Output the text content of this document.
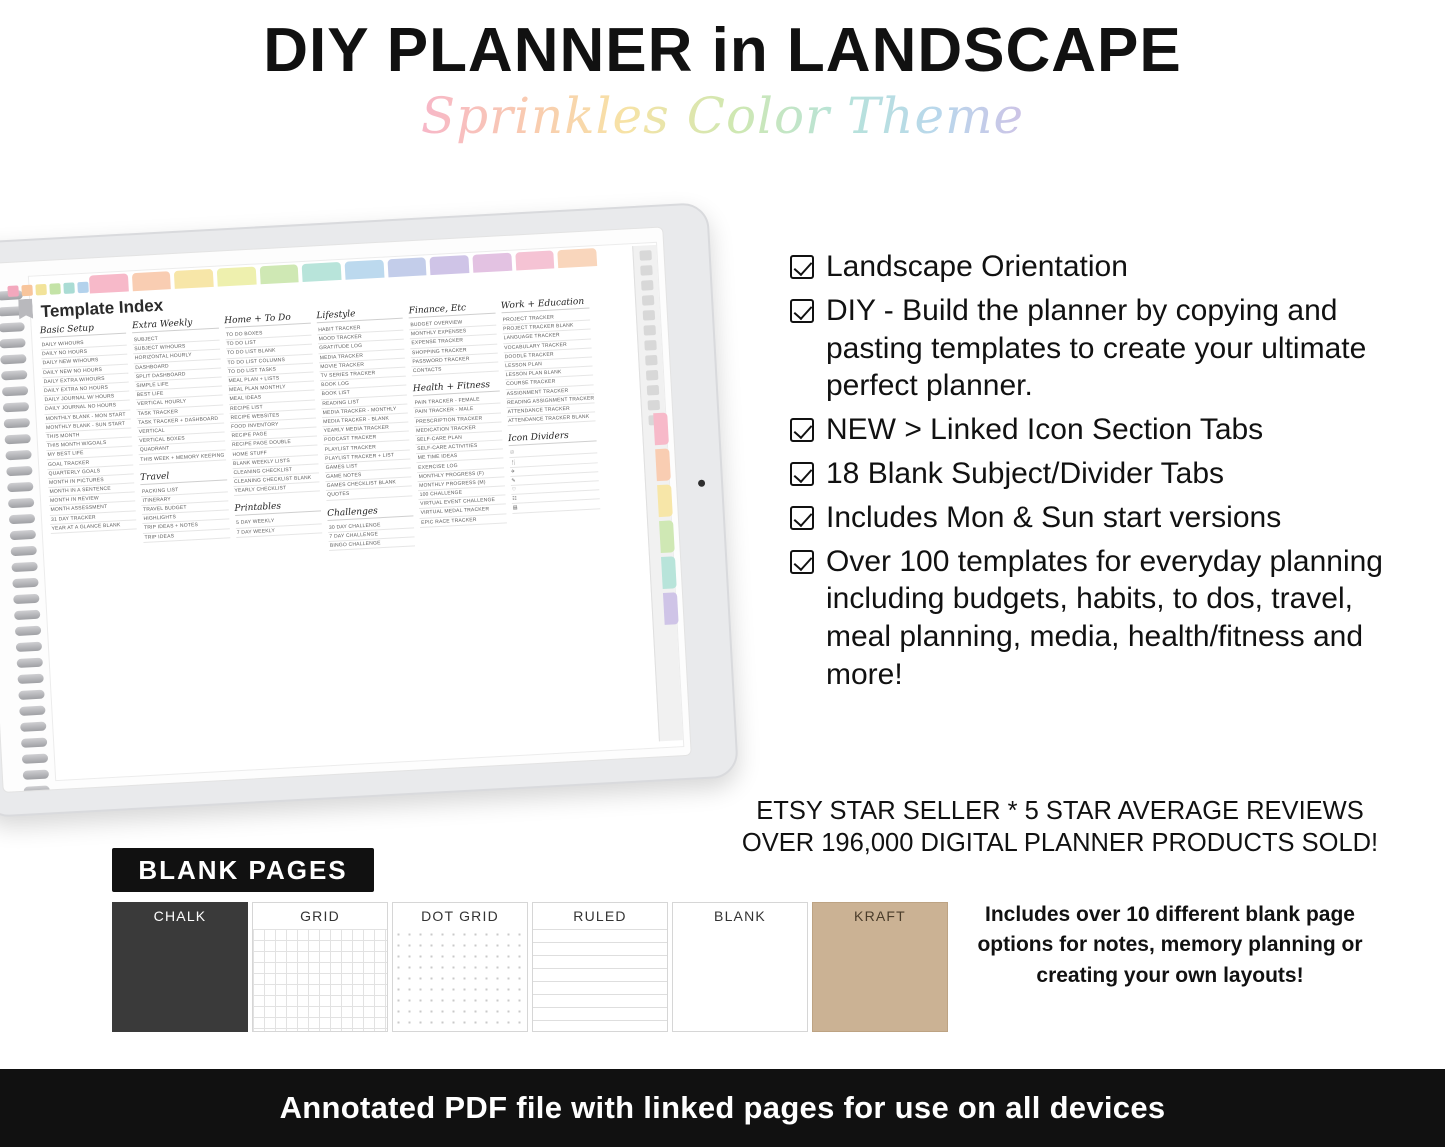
DIY PLANNER in LANDSCAPE
Sprinkles Color Theme
Template Index
Basic Setup
DAILY W/HOURS
DAILY NO HOURS
DAILY NEW W/HOURS
DAILY NEW NO HOURS
DAILY EXTRA W/HOURS
DAILY EXTRA NO HOURS
DAILY JOURNAL W/ HOURS
DAILY JOURNAL NO HOURS
MONTHLY BLANK - MON START
MONTHLY BLANK - SUN START
THIS MONTH
THIS MONTH W/GOALS
MY BEST LIFE
GOAL TRACKER
QUARTERLY GOALS
MONTH IN PICTURES
MONTH IN A SENTENCE
MONTH IN REVIEW
MONTH ASSESSMENT
31 DAY TRACKER
YEAR AT A GLANCE BLANK
Extra Weekly
SUBJECT
SUBJECT W/HOURS
HORIZONTAL HOURLY
DASHBOARD
SPLIT DASHBOARD
SIMPLE LIFE
BEST LIFE
VERTICAL HOURLY
TASK TRACKER
TASK TRACKER + DASHBOARD
VERTICAL
VERTICAL BOXES
QUADRANT
THIS WEEK + MEMORY KEEPING
Travel
PACKING LIST
ITINERARY
TRAVEL BUDGET
HIGHLIGHTS
TRIP IDEAS + NOTES
TRIP IDEAS
Home + To Do
TO DO BOXES
TO DO LIST
TO DO LIST BLANK
TO DO LIST COLUMNS
TO DO LIST TASKS
MEAL PLAN + LISTS
MEAL PLAN MONTHLY
MEAL IDEAS
RECIPE LIST
RECIPE WEBSITES
FOOD INVENTORY
RECIPE PAGE
RECIPE PAGE DOUBLE
HOME STUFF
BLANK WEEKLY LISTS
CLEANING CHECKLIST
CLEANING CHECKLIST BLANK
YEARLY CHECKLIST
Printables
5 DAY WEEKLY
7 DAY WEEKLY
Lifestyle
HABIT TRACKER
MOOD TRACKER
GRATITUDE LOG
MEDIA TRACKER
MOVIE TRACKER
TV SERIES TRACKER
BOOK LOG
BOOK LIST
READING LIST
MEDIA TRACKER - MONTHLY
MEDIA TRACKER - BLANK
YEARLY MEDIA TRACKER
PODCAST TRACKER
PLAYLIST TRACKER
PLAYLIST TRACKER + LIST
GAMES LIST
GAME NOTES
GAMES CHECKLIST BLANK
QUOTES
Challenges
30 DAY CHALLENGE
7 DAY CHALLENGE
BINGO CHALLENGE
Finance, Etc
BUDGET OVERVIEW
MONTHLY EXPENSES
EXPENSE TRACKER
SHOPPING TRACKER
PASSWORD TRACKER
CONTACTS
Health + Fitness
PAIN TRACKER - FEMALE
PAIN TRACKER - MALE
PRESCRIPTION TRACKER
MEDICATION TRACKER
SELF-CARE PLAN
SELF-CARE ACTIVITIES
ME TIME IDEAS
EXERCISE LOG
MONTHLY PROGRESS (F)
MONTHLY PROGRESS (M)
100 CHALLENGE
VIRTUAL EVENT CHALLENGE
VIRTUAL MEDAL TRACKER
EPIC RACE TRACKER
Work + Education
PROJECT TRACKER
PROJECT TRACKER BLANK
LANGUAGE TRACKER
VOCABULARY TRACKER
DOODLE TRACKER
LESSON PLAN
LESSON PLAN BLANK
COURSE TRACKER
ASSIGNMENT TRACKER
READING ASSIGNMENT TRACKER
ATTENDANCE TRACKER
ATTENDANCE TRACKER BLANK
Icon Dividers
☉
🍴
✈
✎
♡
☷
▤
Landscape Orientation
DIY - Build the planner by copying and pasting templates to create your ultimate perfect planner.
NEW > Linked Icon Section Tabs
18 Blank Subject/Divider Tabs
Includes Mon & Sun start versions
Over 100 templates for everyday planning including budgets, habits, to dos, travel, meal planning, media, health/fitness and more!
ETSY STAR SELLER * 5 STAR AVERAGE REVIEWS
OVER 196,000 DIGITAL PLANNER PRODUCTS SOLD!
BLANK PAGES
CHALK	GRID	DOT GRID	RULED	BLANK	KRAFT	Includes over 10 different blank page options for notes, memory planning or creating your own layouts!
Annotated PDF file with linked pages for use on all devices
